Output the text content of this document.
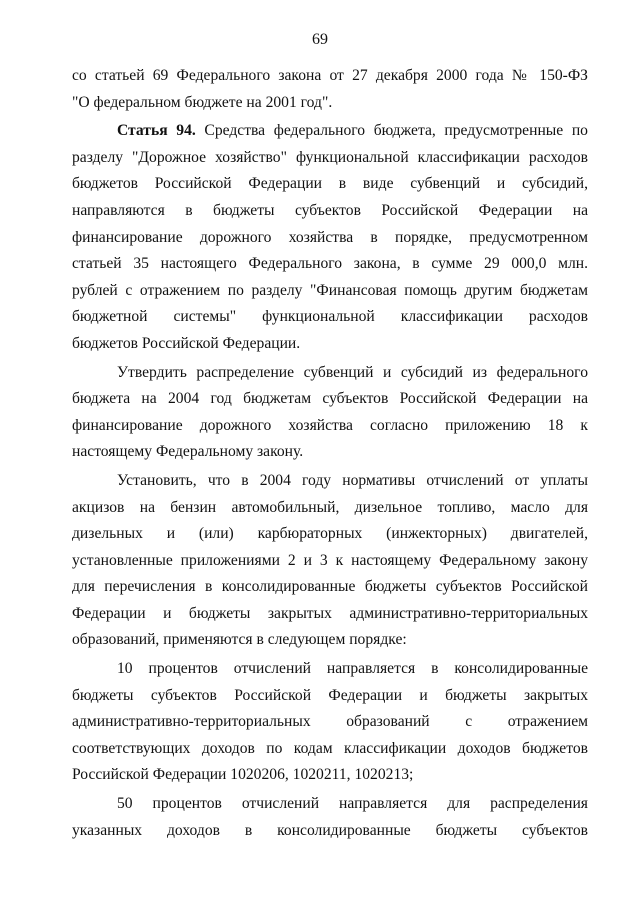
69
со статьей 69 Федерального закона от 27 декабря 2000 года № 150-ФЗ
"О федеральном бюджете на 2001 год".
Статья 94. Средства федерального бюджета, предусмотренные по
разделу "Дорожное хозяйство" функциональной классификации расходов
бюджетов Российской Федерации в виде субвенций и субсидий,
направляются в бюджеты субъектов Российской Федерации на
финансирование дорожного хозяйства в порядке, предусмотренном
статьей 35 настоящего Федерального закона, в сумме 29 000,0 млн.
рублей с отражением по разделу "Финансовая помощь другим бюджетам
бюджетной системы" функциональной классификации расходов
бюджетов Российской Федерации.
Утвердить распределение субвенций и субсидий из федерального
бюджета на 2004 год бюджетам субъектов Российской Федерации на
финансирование дорожного хозяйства согласно приложению 18 к
настоящему Федеральному закону.
Установить, что в 2004 году нормативы отчислений от уплаты
акцизов на бензин автомобильный, дизельное топливо, масло для
дизельных и (или) карбюраторных (инжекторных) двигателей,
установленные приложениями 2 и 3 к настоящему Федеральному закону
для перечисления в консолидированные бюджеты субъектов Российской
Федерации и бюджеты закрытых административно-территориальных
образований, применяются в следующем порядке:
10 процентов отчислений направляется в консолидированные
бюджеты субъектов Российской Федерации и бюджеты закрытых
административно-территориальных образований с отражением
соответствующих доходов по кодам классификации доходов бюджетов
Российской Федерации 1020206, 1020211, 1020213;
50 процентов отчислений направляется для распределения
указанных доходов в консолидированные бюджеты субъектов
